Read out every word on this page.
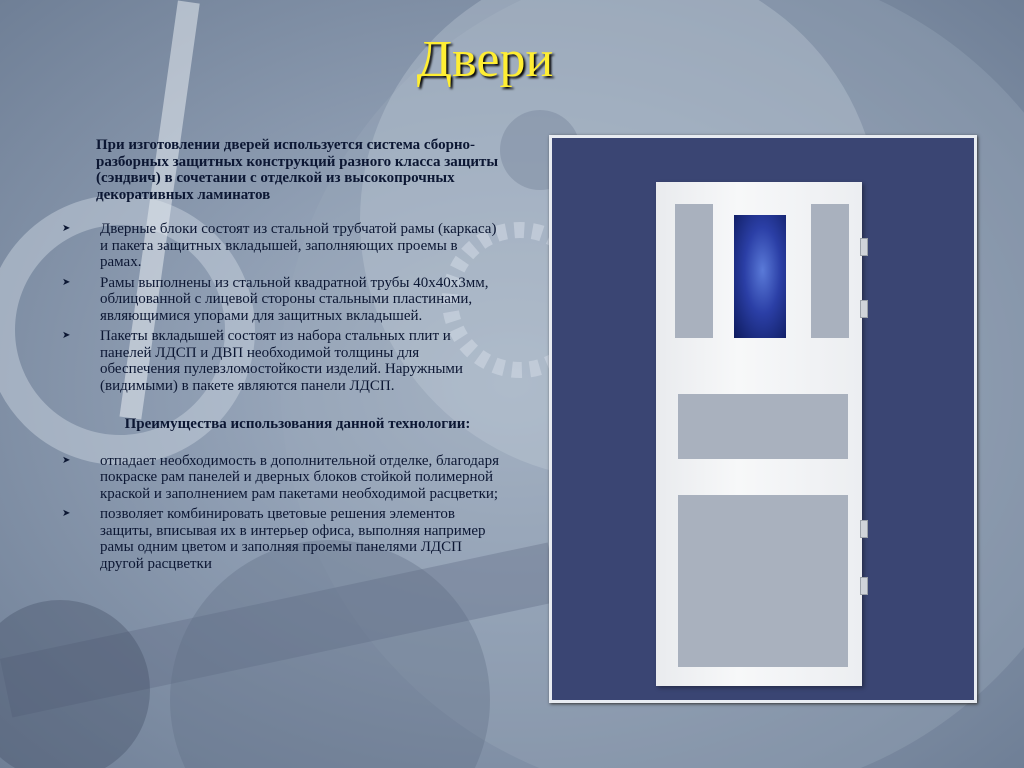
Двери

При изготовлении дверей используется система сборно-разборных защитных конструкций разного класса защиты (сэндвич) в сочетании с отделкой из высокопрочных декоративных ламинатов

➤ Дверные блоки состоят из стальной трубчатой рамы (каркаса) и пакета защитных вкладышей, заполняющих проемы в рамах.
➤ Рамы выполнены из стальной квадратной трубы 40х40х3мм, облицованной с лицевой стороны стальными пластинами, являющимися упорами для защитных вкладышей.
➤ Пакеты вкладышей состоят из набора стальных плит и панелей ЛДСП и ДВП необходимой толщины для обеспечения пулевзломостойкости изделий. Наружными (видимыми) в пакете являются панели ЛДСП.
Преимущества использования данной технологии:
➤ отпадает необходимость в дополнительной отделке, благодаря покраске рам панелей и дверных блоков стойкой полимерной краской и заполнением рам пакетами необходимой расцветки;
➤ позволяет комбинировать цветовые решения элементов защиты, вписывая их в интерьер офиса, выполняя например рамы одним цветом и заполняя проемы панелями ЛДСП другой расцветки
